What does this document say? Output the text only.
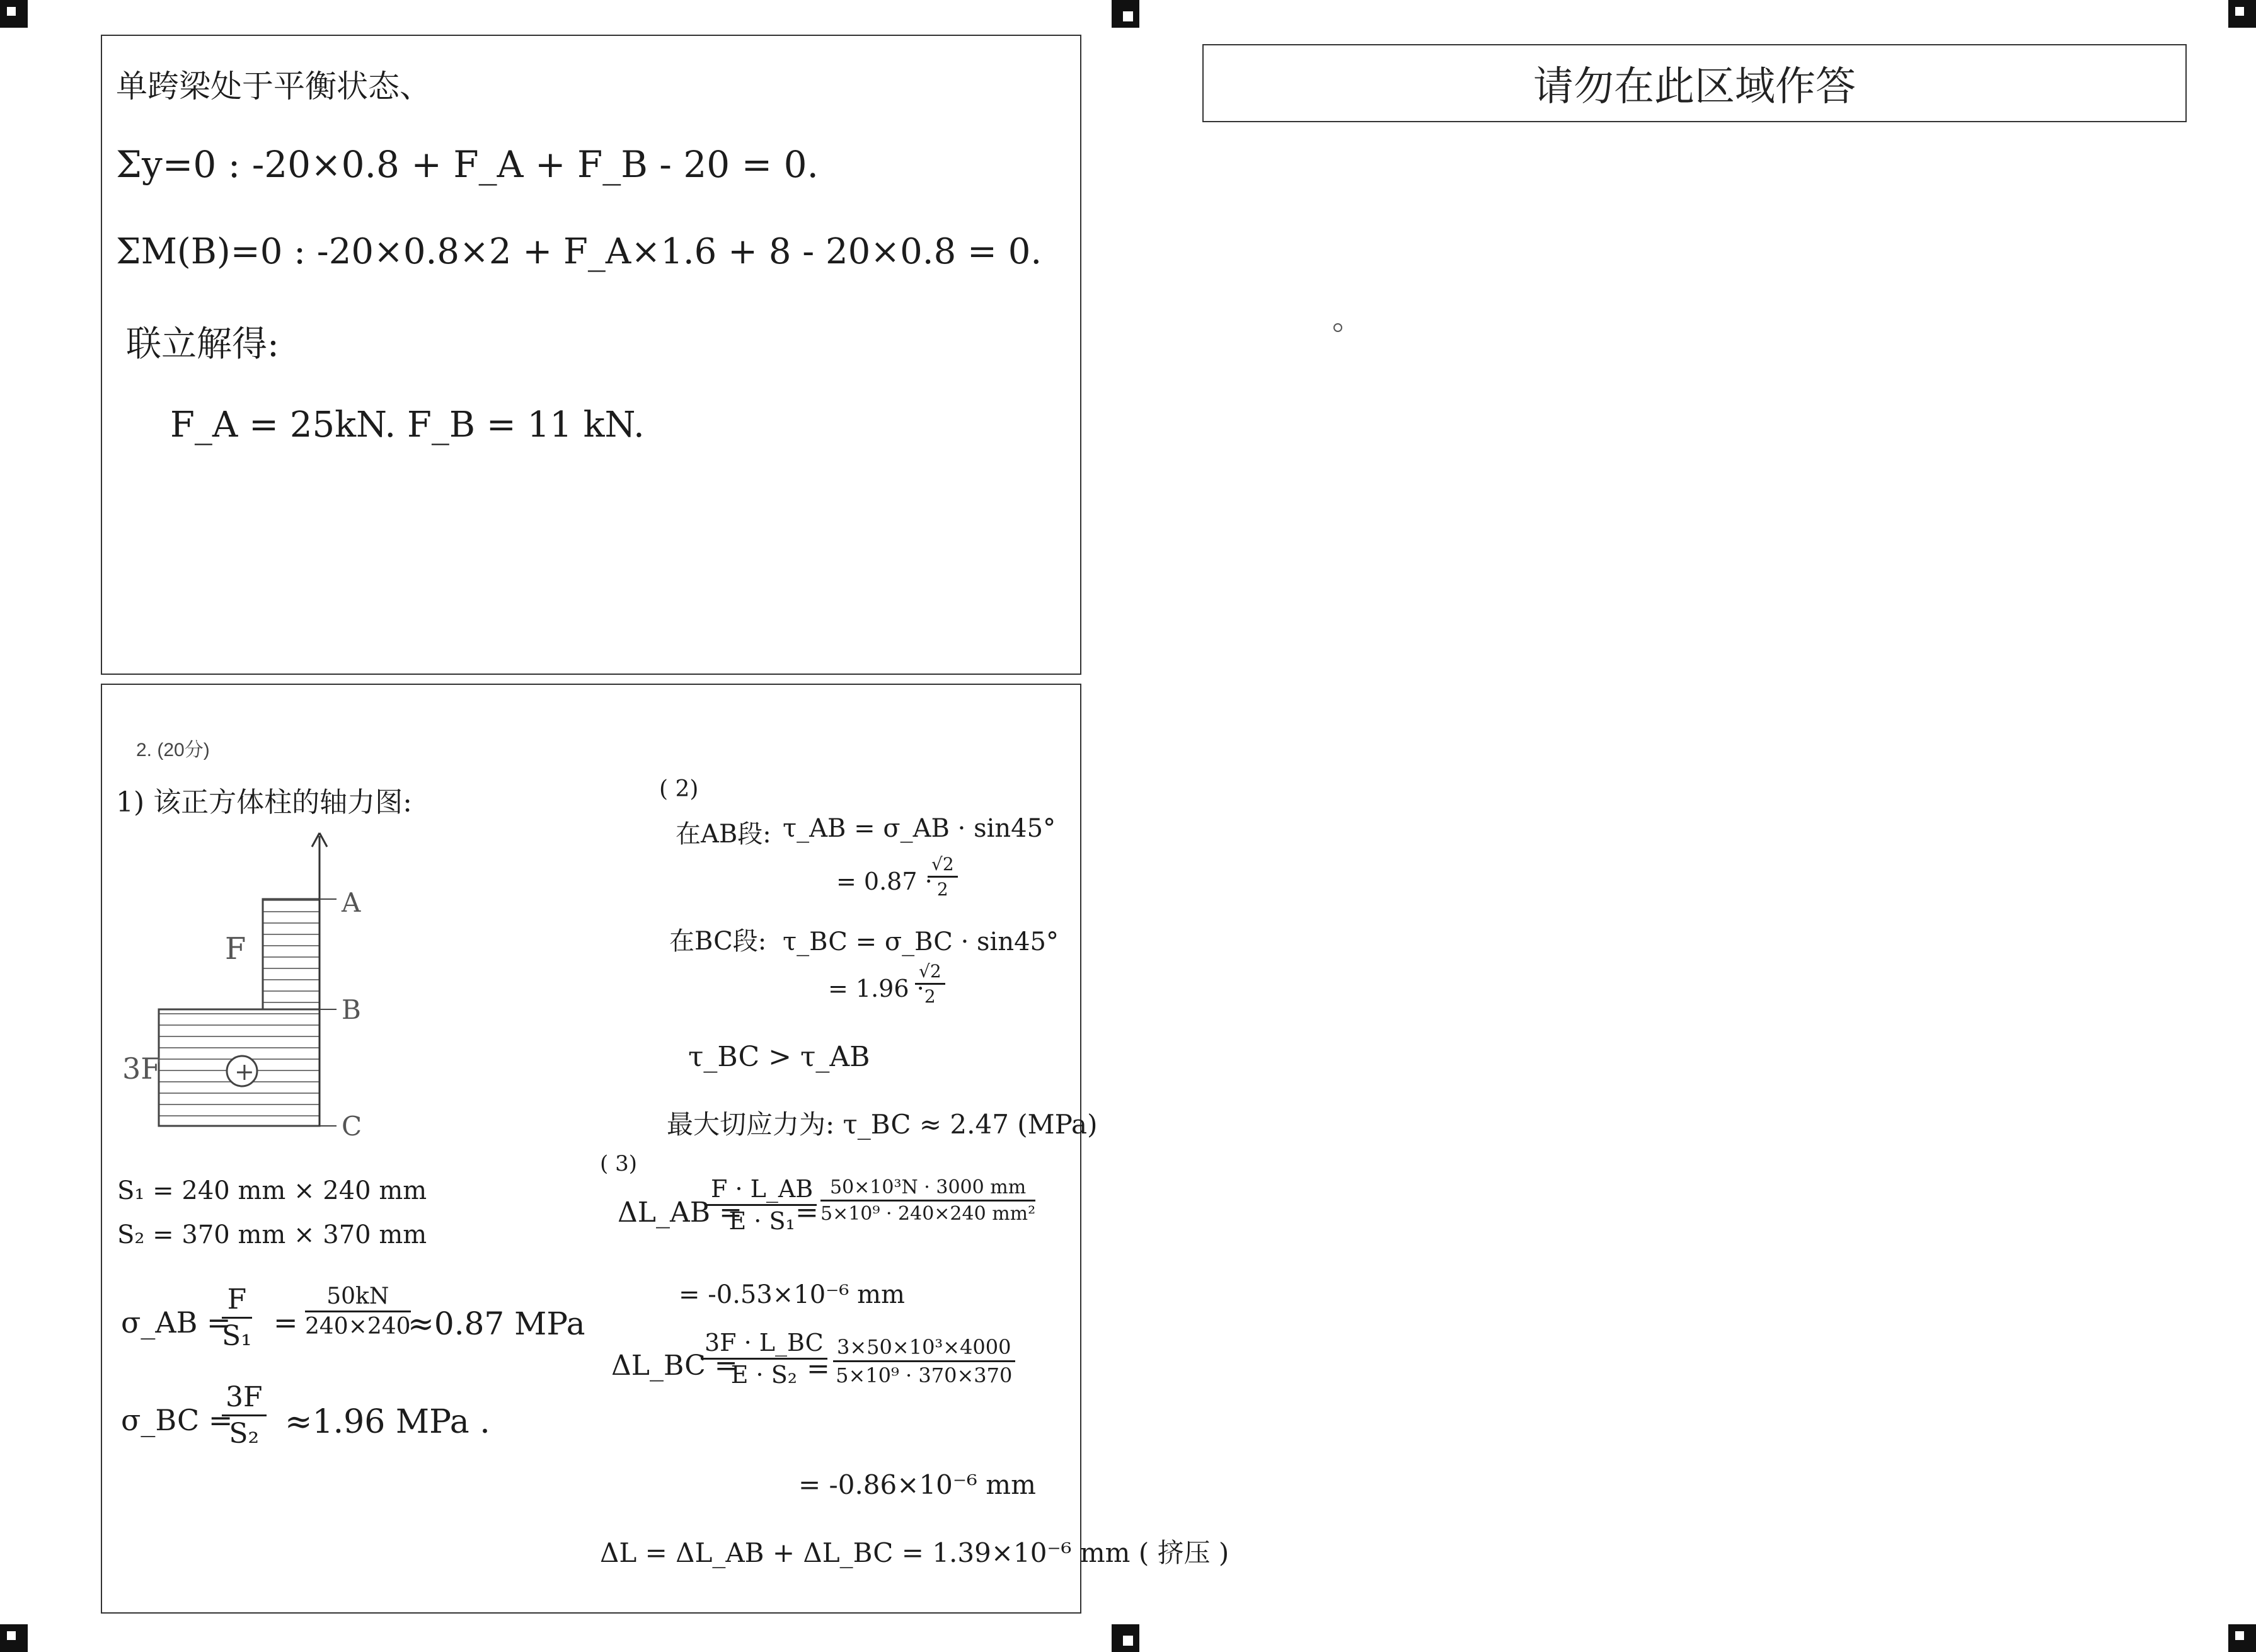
单跨梁处于平衡状态、
Σy=0 : -20×0.8 + F_A + F_B - 20 = 0.
ΣM(B)=0 : -20×0.8×2 + F_A×1.6 + 8 - 20×0.8 = 0.
联立解得:
F_A = 25kN. F_B = 11 kN.
2. (20分)
1) 该正方体柱的轴力图:
A
B
C
F
3F	+
S₁ = 240 mm × 240 mm
S₂ = 370 mm × 370 mm
σ_AB =
$\frac{F}{\text{S₁}} = \frac{50kN}{240\times 240}$
≈0.87 MPa
σ_BC =
$\frac{3F}{\text{S₂}} \approx 1.96$ MPa .
( 2)
在AB段: τ_AB = σ_AB · sin45°
= 0.87 ·
$\frac{√2}{2}$
在BC段: τ_BC = σ_BC · sin45°
= 1.96 ·
$\frac{√2}{2}$
τ_BC > τ_AB
最大切应力为: τ_BC ≈ 2.47 (MPa)
( 3)
ΔL_AB =
$\frac{F \cdot L\_AB}{\text{E · S₁}}$
= $\frac{\text{50×10³N · 3000 mm}}{\text{5×10⁹ · 240×240 mm²}}$
= -0.53×10⁻⁶ mm
ΔL_BC =
$\frac{3F \cdot L\_BC}{\text{E · S₂}}$
= $\frac{\text{3×50×10³×4000}}{\text{5×10⁹ · 370×370}}$
= -0.86×10⁻⁶ mm
ΔL = ΔL_AB + ΔL_BC = 1.39×10⁻⁶ mm ( 挤压 )
请勿在此区域作答
